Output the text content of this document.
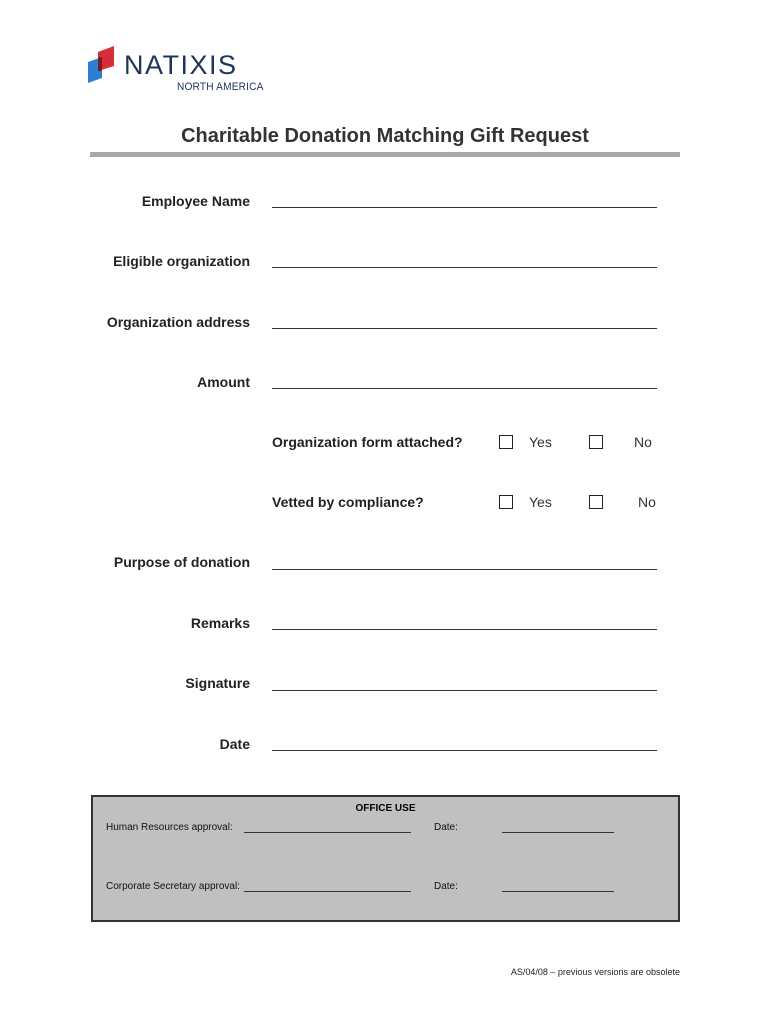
NATIXIS
NORTH AMERICA
Charitable Donation Matching Gift Request
Employee Name
Eligible organization
Organization address
Amount
Organization form attached?	Yes	No
Vetted by compliance?	Yes	No
Purpose of donation
Remarks
Signature
Date
OFFICE USE
Human Resources approval:	Date:
Corporate Secretary approval:	Date:
AS/04/08 – previous versions are obsolete
